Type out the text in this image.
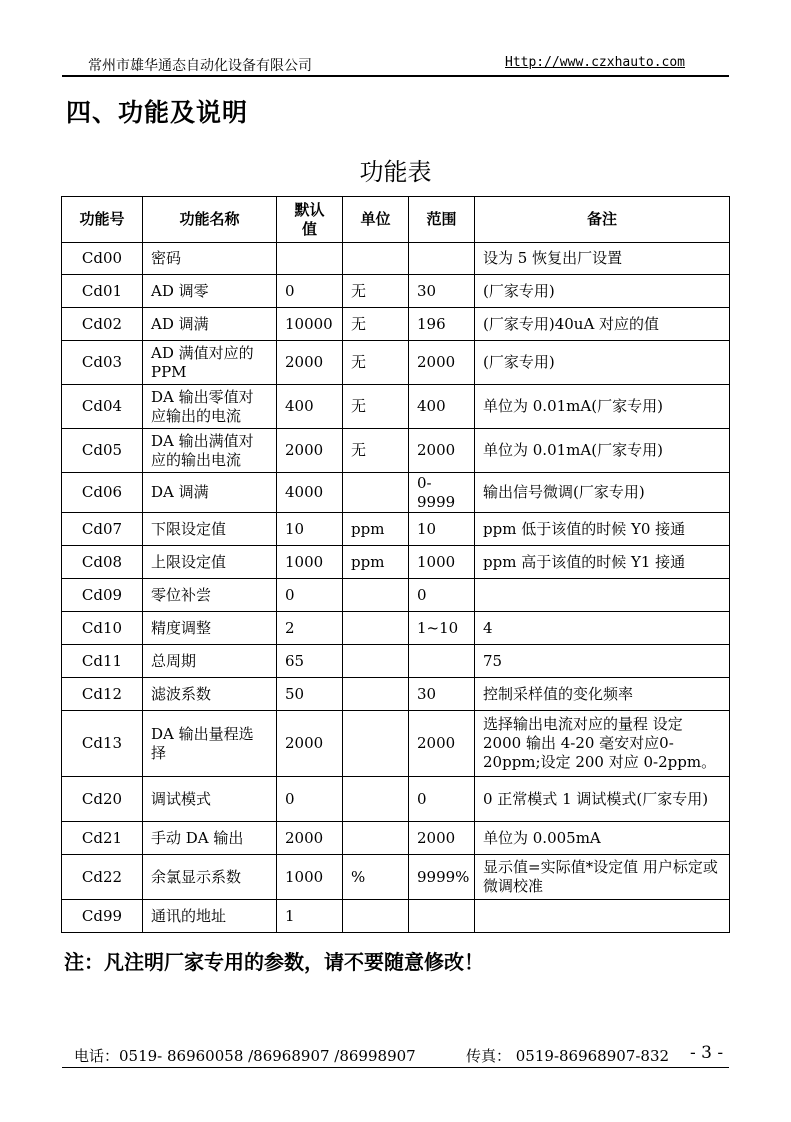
常州市雄华通态自动化设备有限公司	Http://www.czxhauto.com
四、功能及说明
功能表
功能号	功能名称	默认值	单位	范围	备注
Cd00	密码				设为 5 恢复出厂设置
Cd01	AD 调零	0	无	30	(厂家专用)
Cd02	AD 调满	10000	无	196	(厂家专用)40uA 对应的值
Cd03	AD 满值对应的PPM	2000	无	2000	(厂家专用)
Cd04	DA 输出零值对应输出的电流	400	无	400	单位为 0.01mA(厂家专用)
Cd05	DA 输出满值对应的输出电流	2000	无	2000	单位为 0.01mA(厂家专用)
Cd06	DA 调满	4000		0-9999	输出信号微调(厂家专用)
Cd07	下限设定值	10	ppm	10	ppm 低于该值的时候 Y0 接通
Cd08	上限设定值	1000	ppm	1000	ppm 高于该值的时候 Y1 接通
Cd09	零位补尝	0		0	
Cd10	精度调整	2		1~10	4
Cd11	总周期	65			75
Cd12	滤波系数	50		30	控制采样值的变化频率
Cd13	DA 输出量程选择	2000		2000	选择输出电流对应的量程 设定 2000 输出 4-20 毫安对应0-20ppm;设定 200 对应 0-2ppm。
Cd20	调试模式	0		0	0 正常模式 1 调试模式(厂家专用)
Cd21	手动 DA 输出	2000		2000	单位为 0.005mA
Cd22	余氯显示系数	1000	%	9999%	显示值=实际值*设定值 用户标定或微调校准
Cd99	通讯的地址	1			
注：凡注明厂家专用的参数，请不要随意修改！
电话：0519- 86960058 /86968907 /86998907	传真： 0519-86968907-832 - 3 -
